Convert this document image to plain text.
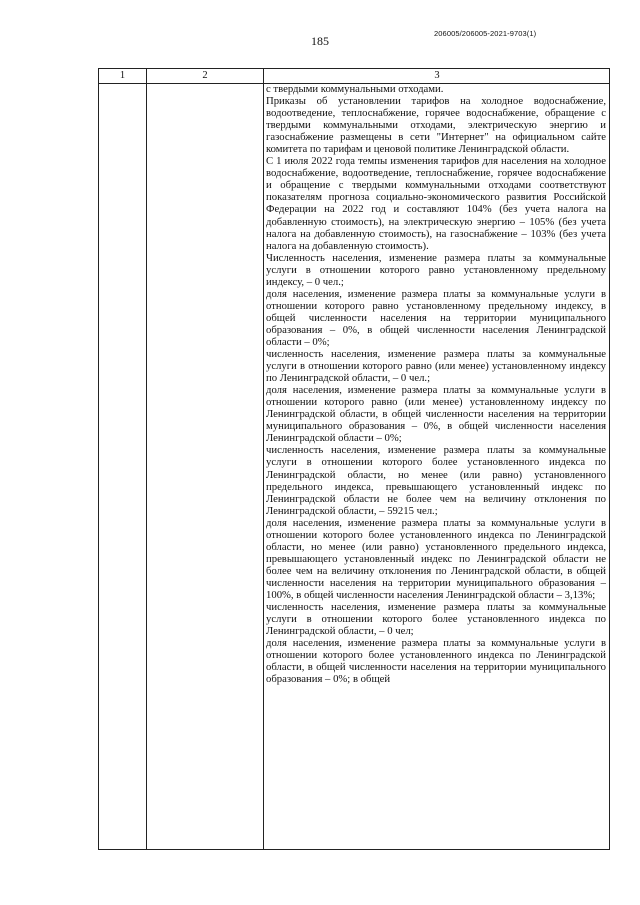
185
206005/206005-2021-9703(1)
1	2	3

с твердыми коммунальными отходами.

Приказы об установлении тарифов на холодное водоснабжение, водоотведение, теплоснабжение, горячее водоснабжение, обращение с твердыми коммунальными отходами, электрическую энергию и газоснабжение размещены в сети "Интернет" на официальном сайте комитета по тарифам и ценовой политике Ленинградской области.

С 1 июля 2022 года темпы изменения тарифов для населения на холодное водоснабжение, водоотведение, теплоснабжение, горячее водоснабжение и обращение с твердыми коммунальными отходами соответствуют показателям прогноза социально-экономического развития Российской Федерации на 2022 год и составляют 104% (без учета налога на добавленную стоимость), на электрическую энергию – 105% (без учета налога на добавленную стоимость), на газоснабжение – 103% (без учета налога на добавленную стоимость).

Численность населения, изменение размера платы за коммунальные услуги в отношении которого равно установленному предельному индексу, – 0 чел.;

доля населения, изменение размера платы за коммунальные услуги в отношении которого равно установленному предельному индексу, в общей численности населения на территории муниципального образования – 0%, в общей численности населения Ленинградской области – 0%;

численность населения, изменение размера платы за коммунальные услуги в отношении которого равно (или менее) установленному индексу по Ленинградской области, – 0 чел.;

доля населения, изменение размера платы за коммунальные услуги в отношении которого равно (или менее) установленному индексу по Ленинградской области, в общей численности населения на территории муниципального образования – 0%, в общей численности населения Ленинградской области – 0%;

численность населения, изменение размера платы за коммунальные услуги в отношении которого более установленного индекса по Ленинградской области, но менее (или равно) установленного предельного индекса, превышающего установленный индекс по Ленинградской области не более чем на величину отклонения по Ленинградской области, – 59215 чел.;

доля населения, изменение размера платы за коммунальные услуги в отношении которого более установленного индекса по Ленинградской области, но менее (или равно) установленного предельного индекса, превышающего установленный индекс по Ленинградской области не более чем на величину отклонения по Ленинградской области, в общей численности населения на территории муниципального образования – 100%, в общей численности населения Ленинградской области – 3,13%;

численность населения, изменение размера платы за коммунальные услуги в отношении которого более установленного индекса по Ленинградской области, – 0 чел;

доля населения, изменение размера платы за коммунальные услуги в отношении которого более установленного индекса по Ленинградской области, в общей численности населения на территории муниципального образования – 0%; в общей
